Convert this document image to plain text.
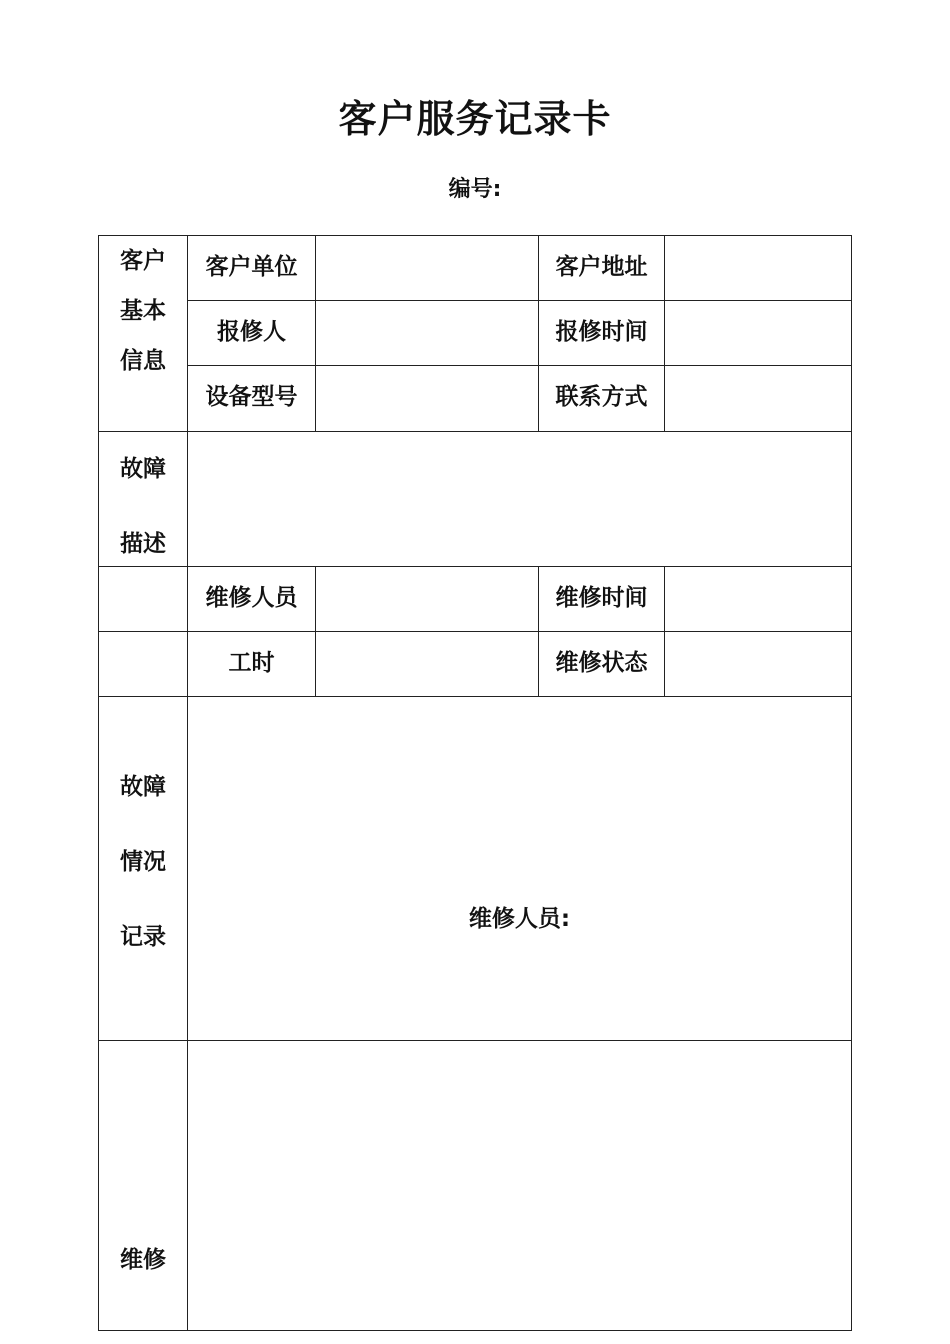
客户服务记录卡
编号:
客户
基本
信息
客户单位	客户地址
报修人	报修时间
设备型号	联系方式
故障
描述
维修人员	维修时间
工时	维修状态
故障
情况
记录
维修人员:
维修
